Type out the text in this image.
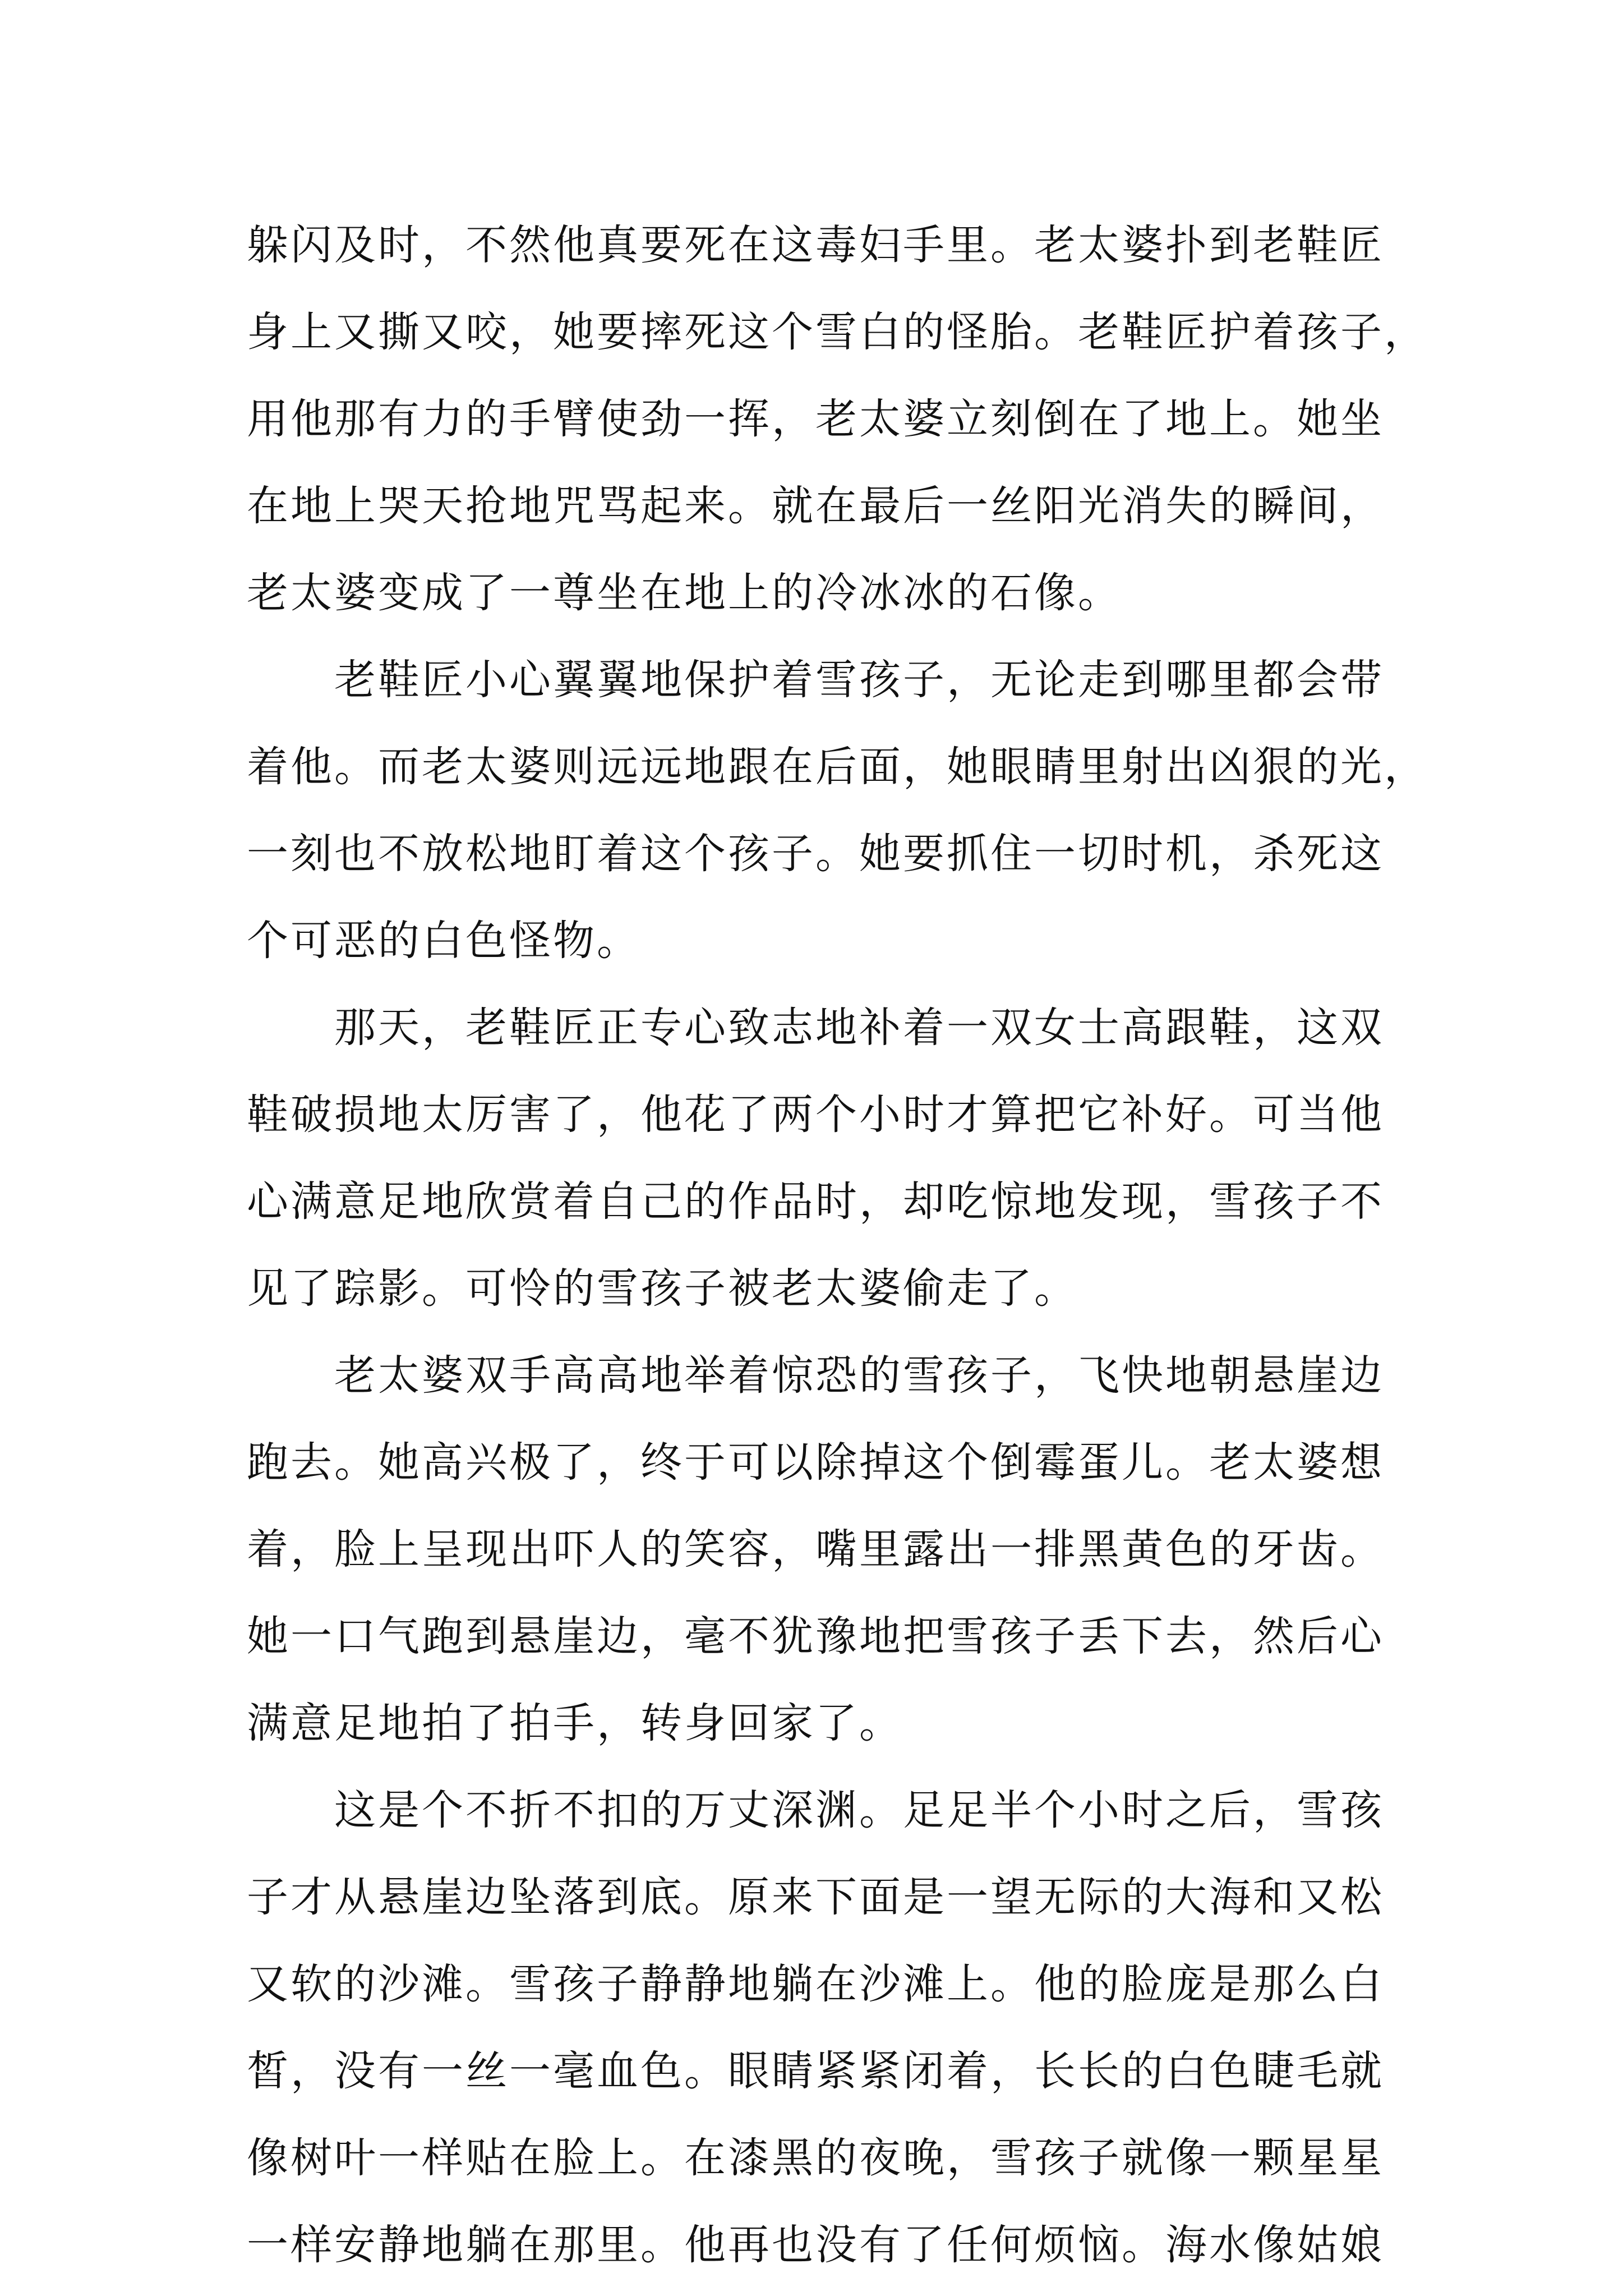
躲闪及时，不然他真要死在这毒妇手里。老太婆扑到老鞋匠
身上又撕又咬，她要摔死这个雪白的怪胎。老鞋匠护着孩子，
用他那有力的手臂使劲一挥，老太婆立刻倒在了地上。她坐
在地上哭天抢地咒骂起来。就在最后一丝阳光消失的瞬间，
老太婆变成了一尊坐在地上的冷冰冰的石像。

老鞋匠小心翼翼地保护着雪孩子，无论走到哪里都会带
着他。而老太婆则远远地跟在后面，她眼睛里射出凶狠的光，
一刻也不放松地盯着这个孩子。她要抓住一切时机，杀死这
个可恶的白色怪物。

那天，老鞋匠正专心致志地补着一双女士高跟鞋，这双
鞋破损地太厉害了，他花了两个小时才算把它补好。可当他
心满意足地欣赏着自己的作品时，却吃惊地发现，雪孩子不
见了踪影。可怜的雪孩子被老太婆偷走了。

老太婆双手高高地举着惊恐的雪孩子，飞快地朝悬崖边
跑去。她高兴极了，终于可以除掉这个倒霉蛋儿。老太婆想
着，脸上呈现出吓人的笑容，嘴里露出一排黑黄色的牙齿。
她一口气跑到悬崖边，毫不犹豫地把雪孩子丢下去，然后心
满意足地拍了拍手，转身回家了。

这是个不折不扣的万丈深渊。足足半个小时之后，雪孩
子才从悬崖边坠落到底。原来下面是一望无际的大海和又松
又软的沙滩。雪孩子静静地躺在沙滩上。他的脸庞是那么白
皙，没有一丝一毫血色。眼睛紧紧闭着，长长的白色睫毛就
像树叶一样贴在脸上。在漆黑的夜晚，雪孩子就像一颗星星
一样安静地躺在那里。他再也没有了任何烦恼。海水像姑娘
